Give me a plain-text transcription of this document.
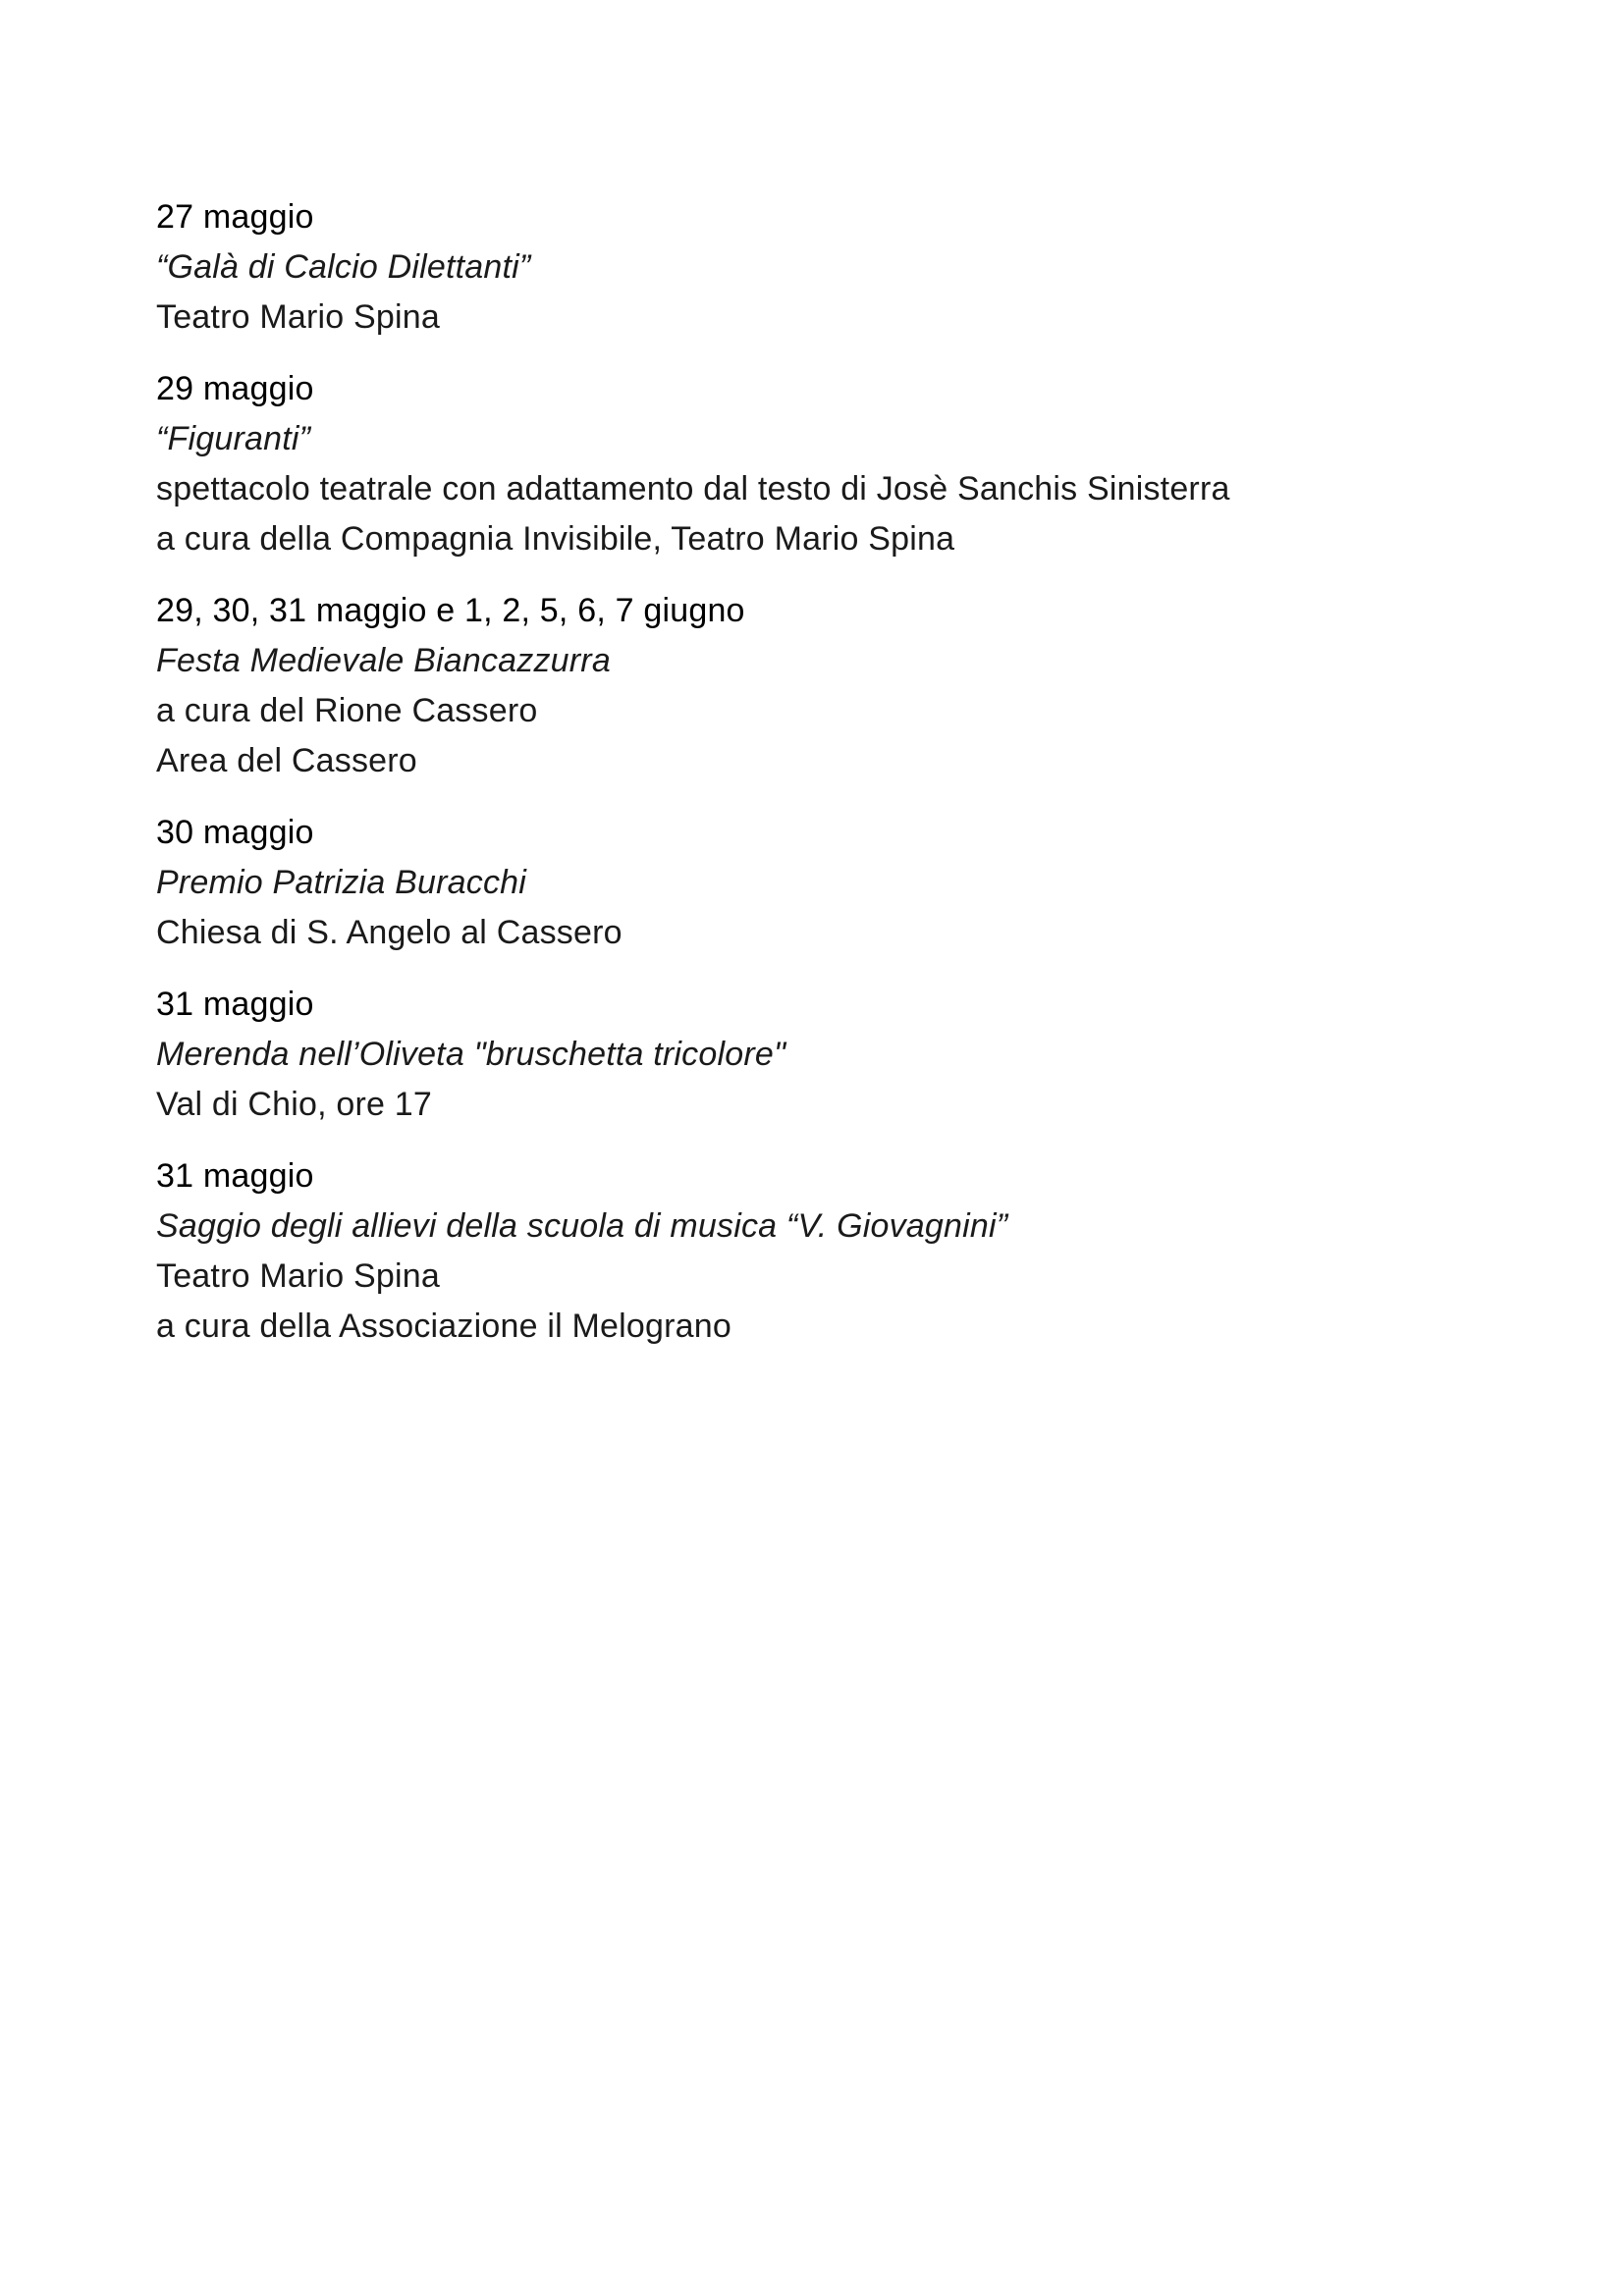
27 maggio
“Galà di Calcio Dilettanti”
Teatro Mario Spina
29 maggio
“Figuranti”
spettacolo teatrale con adattamento dal testo di Josè Sanchis Sinisterra
a cura della Compagnia Invisibile, Teatro Mario Spina
29, 30, 31 maggio e 1, 2, 5, 6, 7 giugno
Festa Medievale Biancazzurra
a cura del Rione Cassero
Area del Cassero
30 maggio
Premio Patrizia Buracchi
Chiesa di S. Angelo al Cassero
31 maggio
Merenda nell’Oliveta "bruschetta tricolore"
Val di Chio, ore 17
31 maggio
Saggio degli allievi della scuola di musica “V. Giovagnini”
Teatro Mario Spina
a cura della Associazione il Melograno
